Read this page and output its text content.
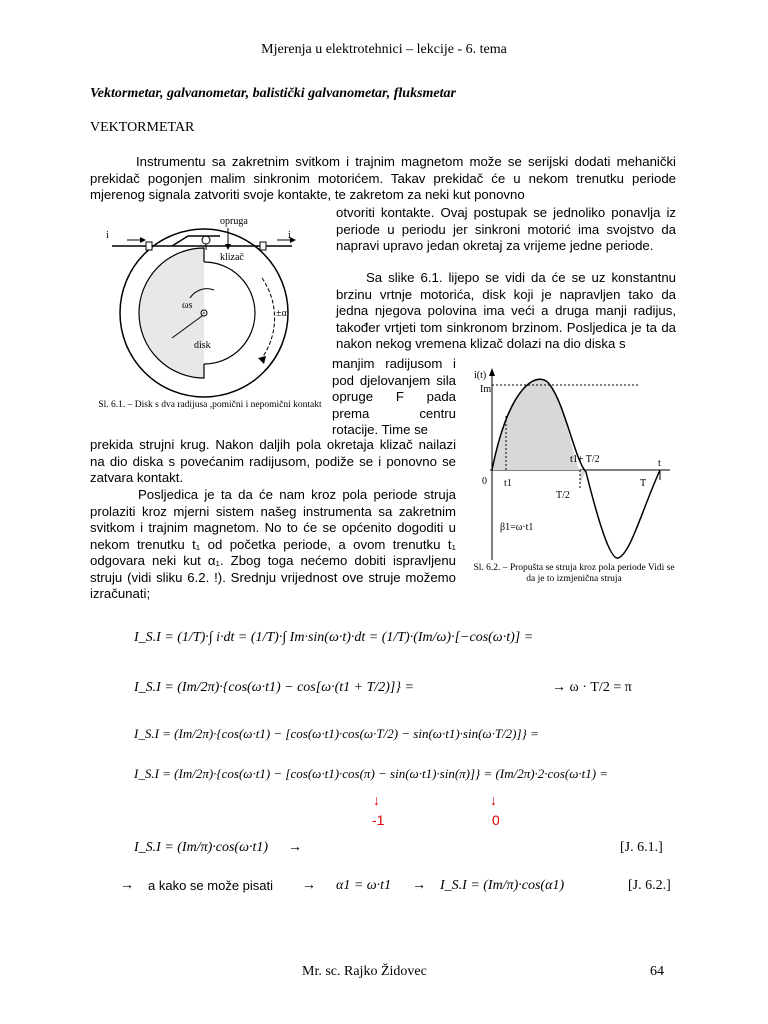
Mjerenja u elektrotehnici – lekcije - 6. tema
Vektormetar, galvanometar, balistički galvanometar, fluksmetar
VEKTORMETAR
Instrumentu sa zakretnim svitkom i trajnim magnetom može se serijski dodati mehanički prekidač pogonjen malim sinkronim motorićem. Takav prekidač će u nekom trenutku periode mjerenog signala zatvoriti svoje kontakte, te zakretom za neki kut ponovno
otvoriti kontakte. Ovaj postupak se jednoliko ponavlja iz periode u periodu jer sinkroni motorić ima svojstvo da napravi upravo jedan okretaj za vrijeme jedne periode.
Sa slike 6.1. lijepo se vidi da će se uz konstantnu brzinu vrtnje motorića, disk koji je napravljen tako da jedna njegova polovina ima veći a druga manji radijus, također vrtjeti tom sinkronom brzinom. Posljedica je ta da nakon nekog vremena klizač dolazi na dio diska s
manjim radijusom i pod djelovanjem sila opruge F pada prema centru rotacije. Time se
prekida strujni krug. Nakon daljih pola okretaja klizač nailazi na dio diska s povećanim radijusom, podiže se i ponovno se zatvara kontakt.
Posljedica je ta da će nam kroz pola periode struja prolaziti kroz mjerni sistem našeg instrumenta sa zakretnim svitkom i trajnim magnetom. No to će se općenito dogoditi u nekom trenutku t₁ od početka periode, a ovom trenutku t₁ odgovara neki kut α₁. Zbog toga nećemo dobiti ispravljenu struju (vidi sliku 6.2. !). Srednju vrijednost ove struje možemo izračunati;
i	i
opruga
klizač
disk
ωs
±α
Sl. 6.1. – Disk s dva radijusa ,pomični i nepomični kontakt
i(t)
Im
t
0 t1	T
t1+ T/2
T/2
β1=ω·t1
Sl. 6.2. – Propušta se struja kroz pola periode Vidi se da je to izmjenična struja
I_S.I = (1/T)·∫ i·dt = (1/T)·∫ Im·sin(ω·t)·dt = (1/T)·(Im/ω)·[−cos(ω·t)] =
I_S.I = (Im/2π)·{cos(ω·t1) − cos[ω·(t1 + T/2)]} =	→ ω · T/2 = π
I_S.I = (Im/2π)·{cos(ω·t1) − [cos(ω·t1)·cos(ω·T/2) − sin(ω·t1)·sin(ω·T/2)]} =
I_S.I = (Im/2π)·{cos(ω·t1) − [cos(ω·t1)·cos(π) − sin(ω·t1)·sin(π)]} = (Im/2π)·2·cos(ω·t1) =
↓	↓
-1	0
I_S.I = (Im/π)·cos(ω·t1) →	[J. 6.1.]
→ a kako se može pisati → α1 = ω·t1 → I_S.I = (Im/π)·cos(α1)	[J. 6.2.]
Mr. sc. Rajko Židovec	64
